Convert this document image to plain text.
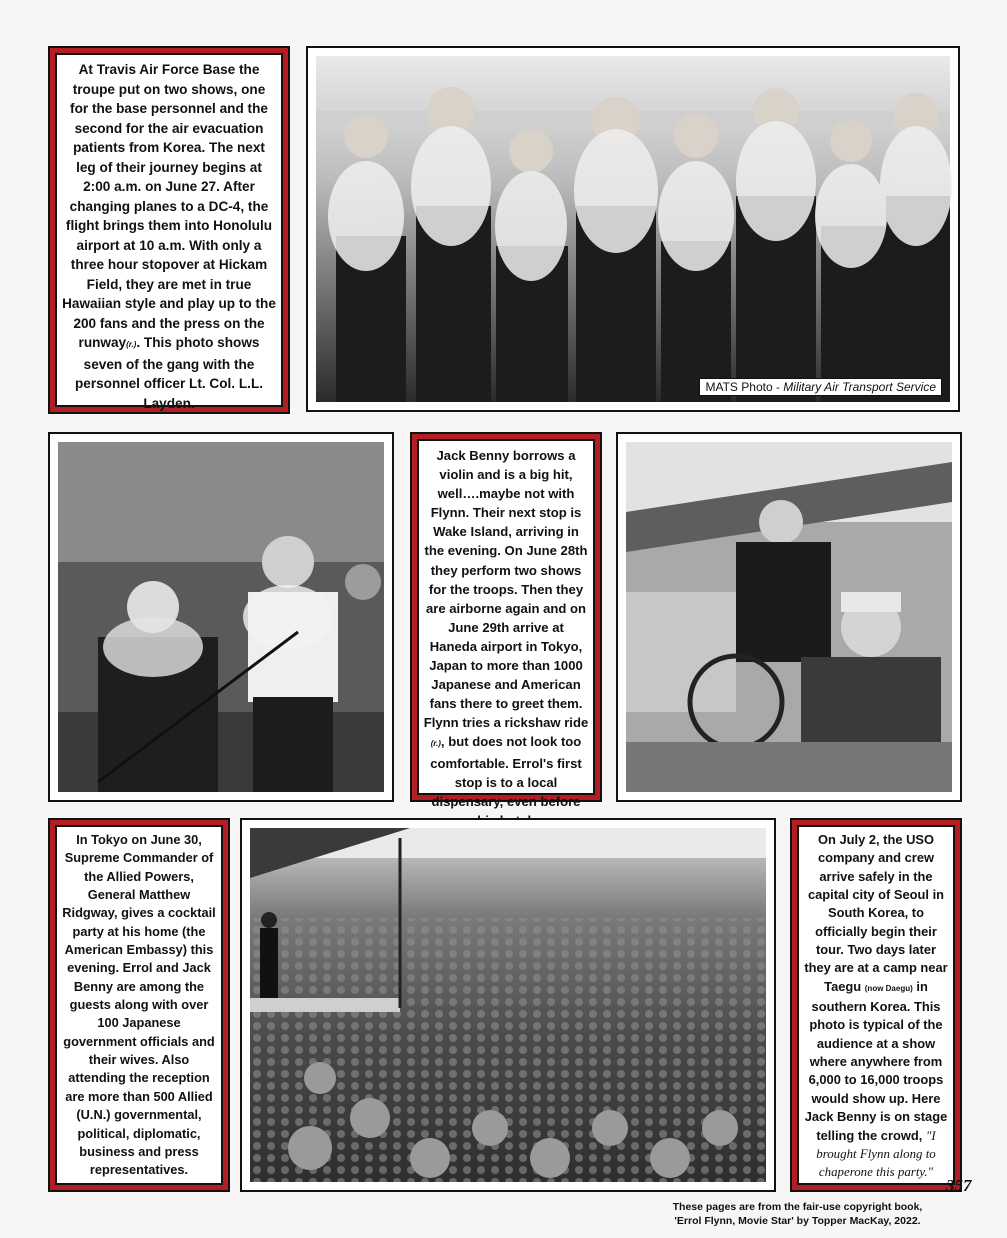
At Travis Air Force Base the troupe put on two shows, one for the base personnel and the second for the air evacuation patients from Korea. The next leg of their journey begins at 2:00 a.m. on June 27. After changing planes to a DC-4, the flight brings them into Honolulu airport at 10 a.m. With only a three hour stopover at Hickam Field, they are met in true Hawaiian style and play up to the 200 fans and the press on the runway(r.). This photo shows seven of the gang with the personnel officer Lt. Col. L.L. Layden.
MATS Photo - Military Air Transport Service
Jack Benny borrows a violin and is a big hit, well….maybe not with Flynn. Their next stop is Wake Island, arriving in the evening. On June 28th they perform two shows for the troops. Then they are airborne again and on June 29th arrive at Haneda airport in Tokyo, Japan to more than 1000 Japanese and American fans there to greet them. Flynn tries a rickshaw ride (r.), but does not look too comfortable. Errol's first stop is to a local dispensary, even before
In Tokyo on June 30, Supreme Commander of the Allied Powers, General Matthew Ridgway, gives a cocktail party at his home (the American Embassy) this evening. Errol and Jack Benny are among the guests along with over 100 Japanese government officials and their wives. Also attending the reception are more than 500 Allied (U.N.) governmental, political, diplomatic, business and press representatives.
On July 2, the USO company and crew arrive safely in the capital city of Seoul in South Korea, to officially begin their tour. Two days later they are at a camp near Taegu (now Daegu) in southern Korea. This photo is typical of the audience at a show where anywhere from 6,000 to 16,000 troops would show up. Here Jack Benny is on stage telling the crowd, "I brought Flynn along to chaperone this party."
357
These pages are from the fair-use copyright book,
'Errol Flynn, Movie Star' by Topper MacKay, 2022.
